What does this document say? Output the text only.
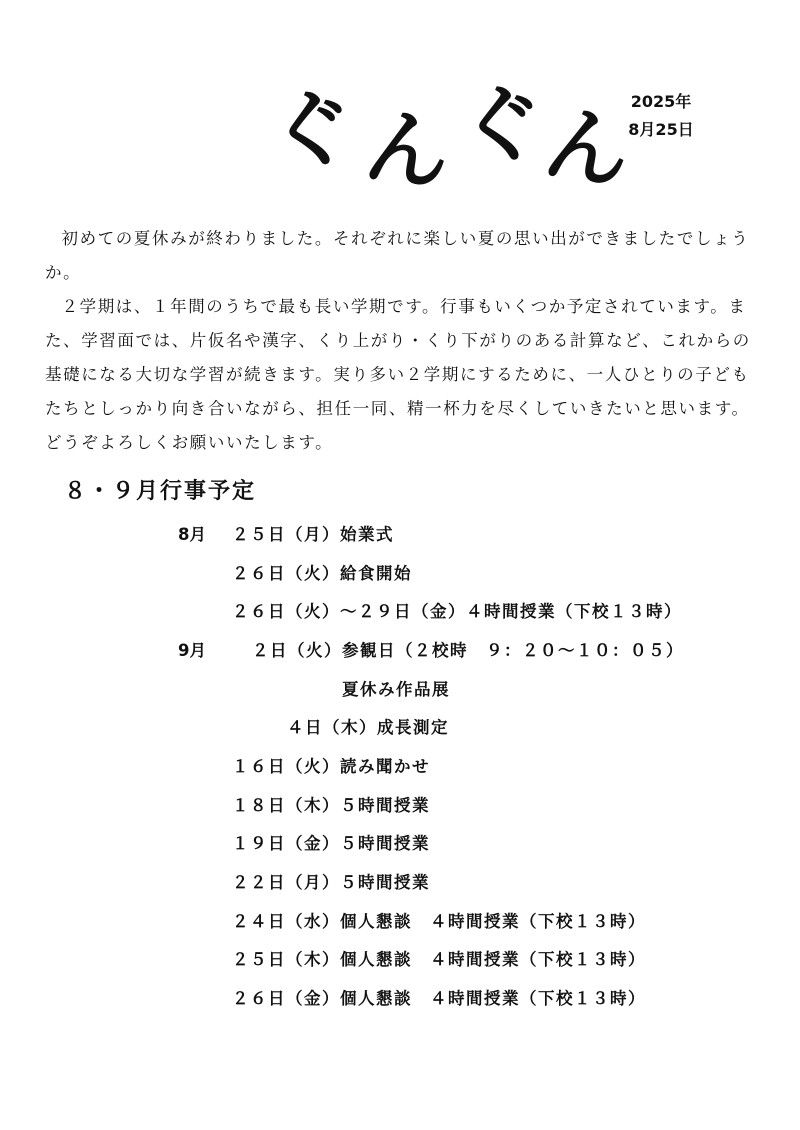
ぐ ん ぐ
ん
2025年
8月25日

初めての夏休みが終わりました。それぞれに楽しい夏の思い出ができましたでしょうか。

２学期は、１年間のうちで最も長い学期です。行事もいくつか予定されています。また、学習面では、片仮名や漢字、くり上がり・くり下がりのある計算など、これからの基礎になる大切な学習が続きます。実り多い２学期にするために、一人ひとりの子どもたちとしっかり向き合いながら、担任一同、精一杯力を尽くしていきたいと思います。どうぞよろしくお願いいたします。

８・９月行事予定
8月 ２５日（月）始業式
２６日（火）給食開始
２６日（火）～２９日（金）４時間授業（下校１３時）
9月	２日（火）参観日（２校時　９：２０～１０：０５）
夏休み作品展
４日（木）成長測定
１６日（火）読み聞かせ
１８日（木）５時間授業
１９日（金）５時間授業
２２日（月）５時間授業
２４日（水）個人懇談　４時間授業（下校１３時）
２５日（木）個人懇談　４時間授業（下校１３時）
２６日（金）個人懇談　４時間授業（下校１３時）
